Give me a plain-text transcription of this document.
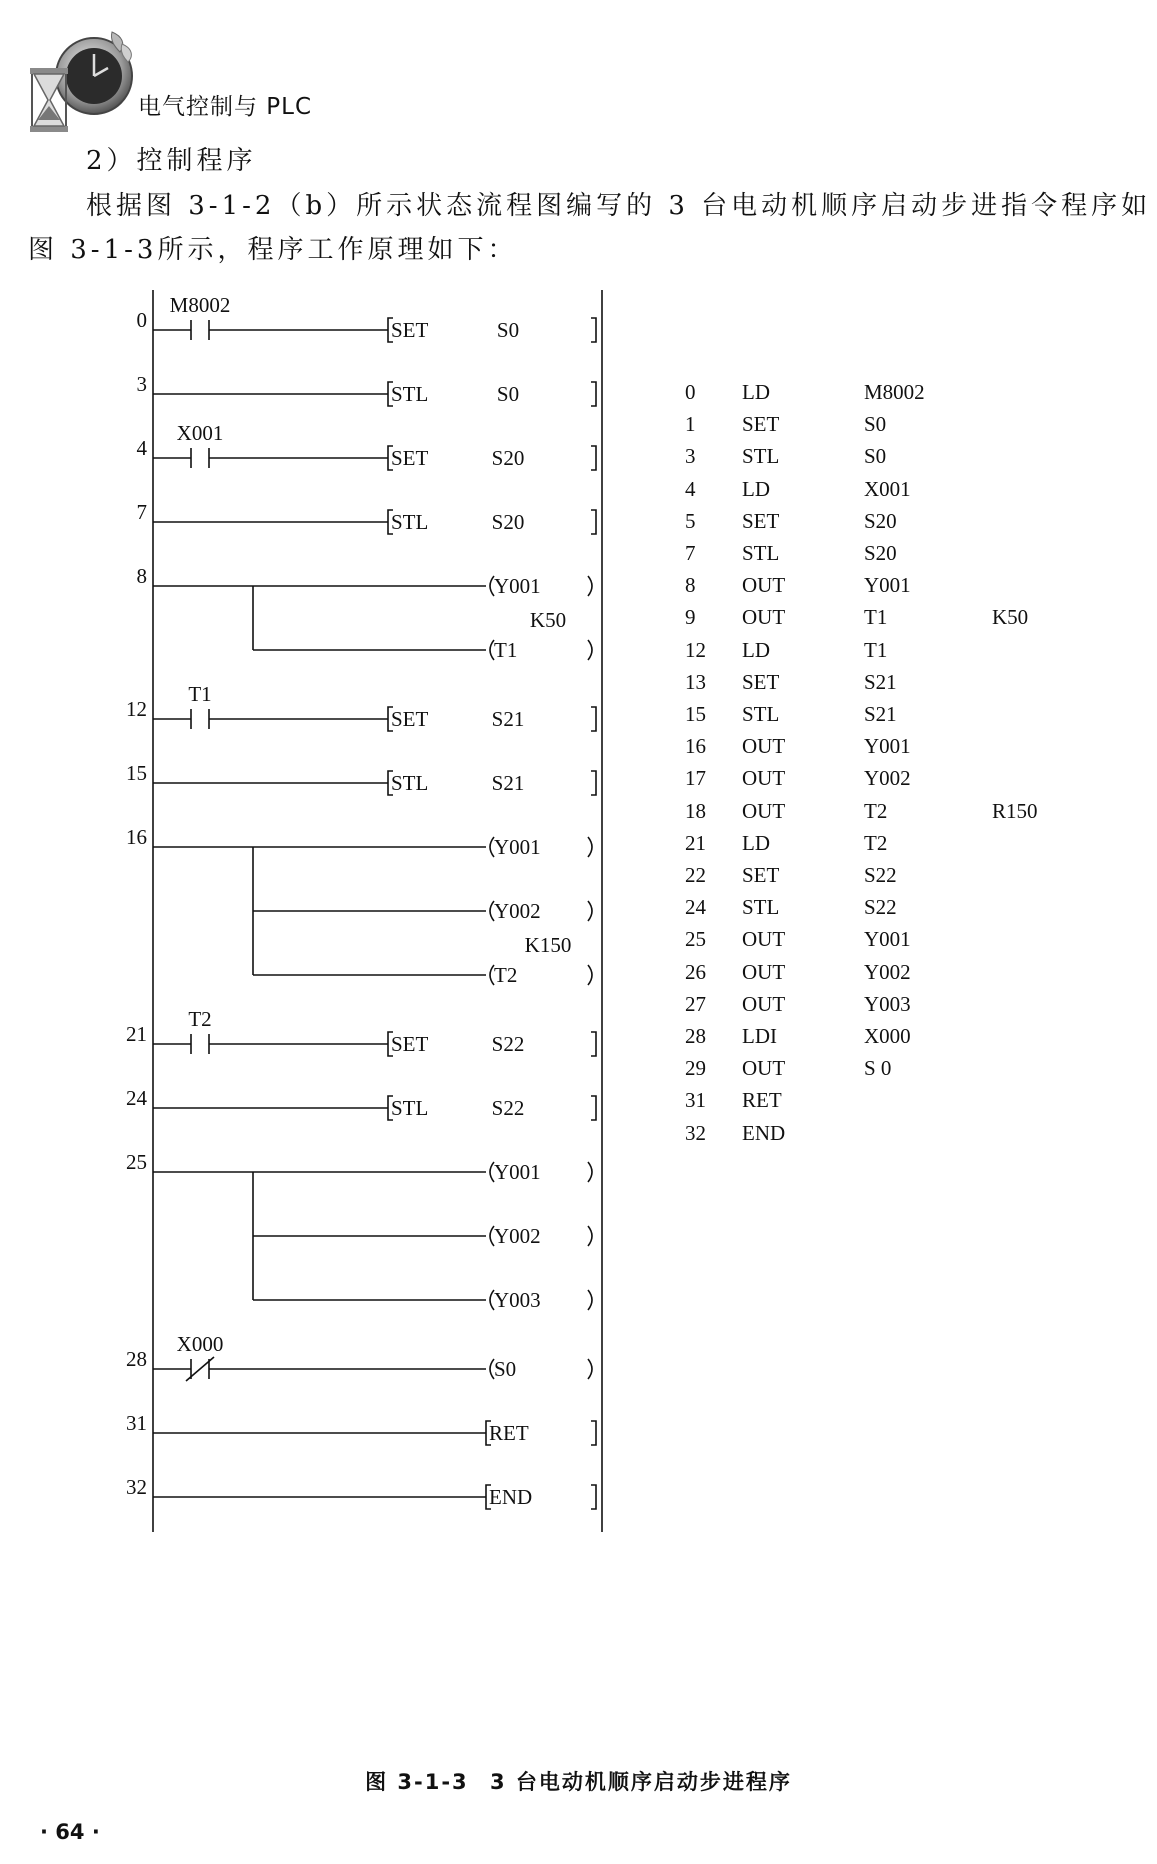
电气控制与 PLC
2）控制程序
根据图 3-1-2（b）所示状态流程图编写的 3 台电动机顺序启动步进指令程序如
图 3-1-3所示，程序工作原理如下：
0
M8002
SET	S0
3	STL	S0
4
X001
SET	S20
7	STL	S20
8	Y001
T1
K50
12
T1
SET	S21
15	STL	S21
16	Y001
Y002
T2
K150
21
T2
SET	S22
24	STL	S22
25	Y001
Y002
Y003
28
X000
S0
31	RET
32	END
0 LD	M8002
1 SET	S0
3 STL	S0
4 LD	X001
5 SET	S20
7 STL	S20
8 OUT	Y001
9 OUT	T1	K50
12 LD	T1
13 SET	S21
15 STL	S21
16 OUT	Y001
17 OUT	Y002
18 OUT	T2	R150
21 LD	T2
22 SET	S22
24 STL	S22
25 OUT	Y001
26 OUT	Y002
27 OUT	Y003
28 LDI	X000
29 OUT	S 0
31 RET
32 END
图 3-1-3 3 台电动机顺序启动步进程序
· 64 ·
